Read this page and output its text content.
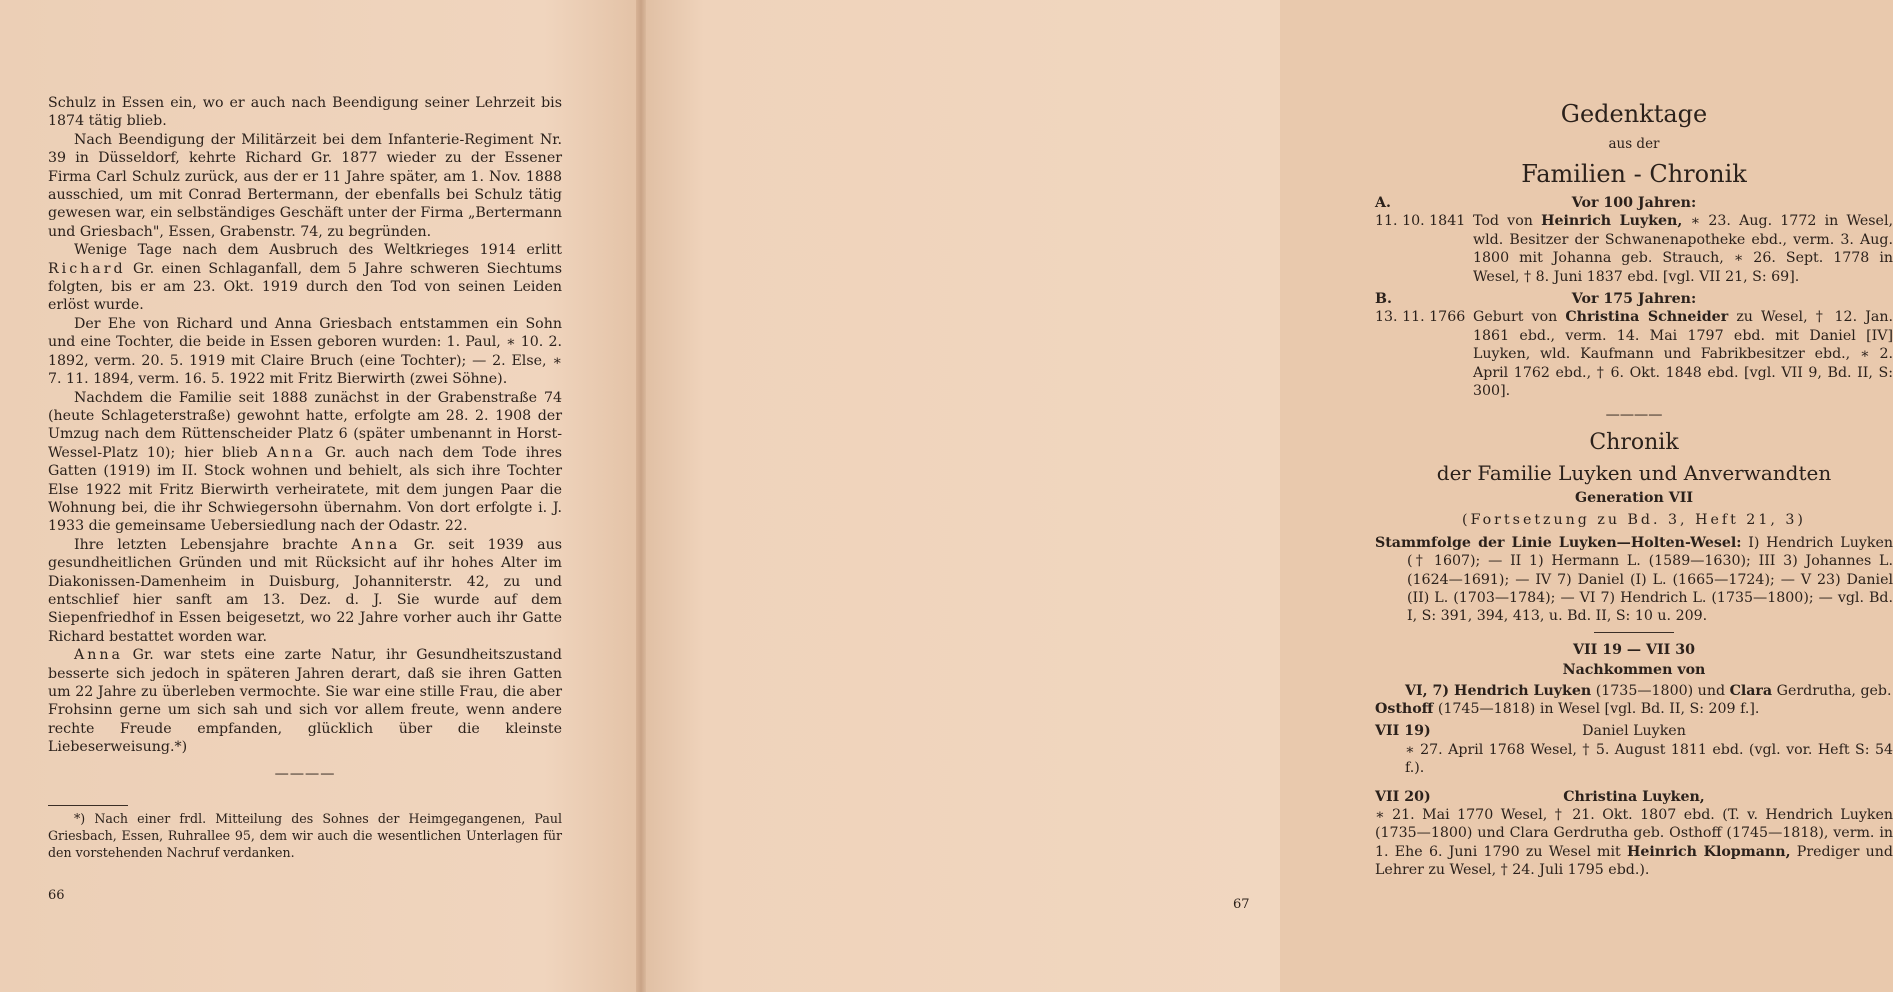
Schulz in Essen ein, wo er auch nach Beendigung seiner Lehrzeit bis 1874 tätig blieb.

Nach Beendigung der Militärzeit bei dem Infanterie-Regiment Nr. 39 in Düsseldorf, kehrte Richard Gr. 1877 wieder zu der Essener Firma Carl Schulz zurück, aus der er 11 Jahre später, am 1. Nov. 1888 ausschied, um mit Conrad Bertermann, der ebenfalls bei Schulz tätig gewesen war, ein selbständiges Geschäft unter der Firma „Bertermann und Griesbach", Essen, Grabenstr. 74, zu begründen.

Wenige Tage nach dem Ausbruch des Weltkrieges 1914 erlitt Richard Gr. einen Schlaganfall, dem 5 Jahre schweren Siechtums folgten, bis er am 23. Okt. 1919 durch den Tod von seinen Leiden erlöst wurde.

Der Ehe von Richard und Anna Griesbach entstammen ein Sohn und eine Tochter, die beide in Essen geboren wurden: 1. Paul, ∗ 10. 2. 1892, verm. 20. 5. 1919 mit Claire Bruch (eine Tochter); — 2. Else, ∗ 7. 11. 1894, verm. 16. 5. 1922 mit Fritz Bierwirth (zwei Söhne).

Nachdem die Familie seit 1888 zunächst in der Grabenstraße 74 (heute Schlageterstraße) gewohnt hatte, erfolgte am 28. 2. 1908 der Umzug nach dem Rüttenscheider Platz 6 (später umbenannt in Horst-Wessel-Platz 10); hier blieb Anna Gr. auch nach dem Tode ihres Gatten (1919) im II. Stock wohnen und behielt, als sich ihre Tochter Else 1922 mit Fritz Bierwirth verheiratete, mit dem jungen Paar die Wohnung bei, die ihr Schwiegersohn übernahm. Von dort erfolgte i. J. 1933 die gemeinsame Uebersiedlung nach der Odastr. 22.

Ihre letzten Lebensjahre brachte Anna Gr. seit 1939 aus gesundheitlichen Gründen und mit Rücksicht auf ihr hohes Alter im Diakonissen-Damenheim in Duisburg, Johanniterstr. 42, zu und entschlief hier sanft am 13. Dez. d. J. Sie wurde auf dem Siepenfriedhof in Essen beigesetzt, wo 22 Jahre vorher auch ihr Gatte Richard bestattet worden war.

Anna Gr. war stets eine zarte Natur, ihr Gesundheitszustand besserte sich jedoch in späteren Jahren derart, daß sie ihren Gatten um 22 Jahre zu überleben vermochte. Sie war eine stille Frau, die aber Frohsinn gerne um sich sah und sich vor allem freute, wenn andere rechte Freude empfanden, glücklich über die kleinste Liebeserweisung.*)

————
*) Nach einer frdl. Mitteilung des Sohnes der Heimgegangenen, Paul Griesbach, Essen, Ruhrallee 95, dem wir auch die wesentlichen Unterlagen für den vorstehenden Nachruf verdanken.
66
Gedenktage
aus der
Familien - Chronik
A.	Vor 100 Jahren:
11. 10. 1841 Tod von Heinrich Luyken, ∗ 23. Aug. 1772 in Wesel, wld. Besitzer der Schwanenapotheke ebd., verm. 3. Aug. 1800 mit Johanna geb. Strauch, ∗ 26. Sept. 1778 in Wesel, † 8. Juni 1837 ebd. [vgl. VII 21, S: 69].
B.	Vor 175 Jahren:
13. 11. 1766 Geburt von Christina Schneider zu Wesel, † 12. Jan. 1861 ebd., verm. 14. Mai 1797 ebd. mit Daniel [IV] Luyken, wld. Kaufmann und Fabrikbesitzer ebd., ∗ 2. April 1762 ebd., † 6. Okt. 1848 ebd. [vgl. VII 9, Bd. II, S: 300].
————
Chronik
der Familie Luyken und Anverwandten
Generation VII
(Fortsetzung zu Bd. 3, Heft 21, 3)

Stammfolge der Linie Luyken—Holten-Wesel: I) Hendrich Luyken († 1607); — II 1) Hermann L. (1589—1630); III 3) Johannes L. (1624—1691); — IV 7) Daniel (I) L. (1665—1724); — V 23) Daniel (II) L. (1703—1784); — VI 7) Hendrich L. (1735—1800); — vgl. Bd. I, S: 391, 394, 413, u. Bd. II, S: 10 u. 209.

VII 19 — VII 30
Nachkommen von

VI, 7) Hendrich Luyken (1735—1800) und Clara Gerdrutha, geb.

Osthoff (1745—1818) in Wesel [vgl. Bd. II, S: 209 f.].

VII 19)	Daniel Luyken

∗ 27. April 1768 Wesel, † 5. August 1811 ebd. (vgl. vor. Heft S: 54 f.).

VII 20)	Christina Luyken,

∗ 21. Mai 1770 Wesel, † 21. Okt. 1807 ebd. (T. v. Hendrich Luyken (1735—1800) und Clara Gerdrutha geb. Osthoff (1745—1818), verm. in 1. Ehe 6. Juni 1790 zu Wesel mit Heinrich Klopmann, Prediger und Lehrer zu Wesel, † 24. Juli 1795 ebd.).

67
